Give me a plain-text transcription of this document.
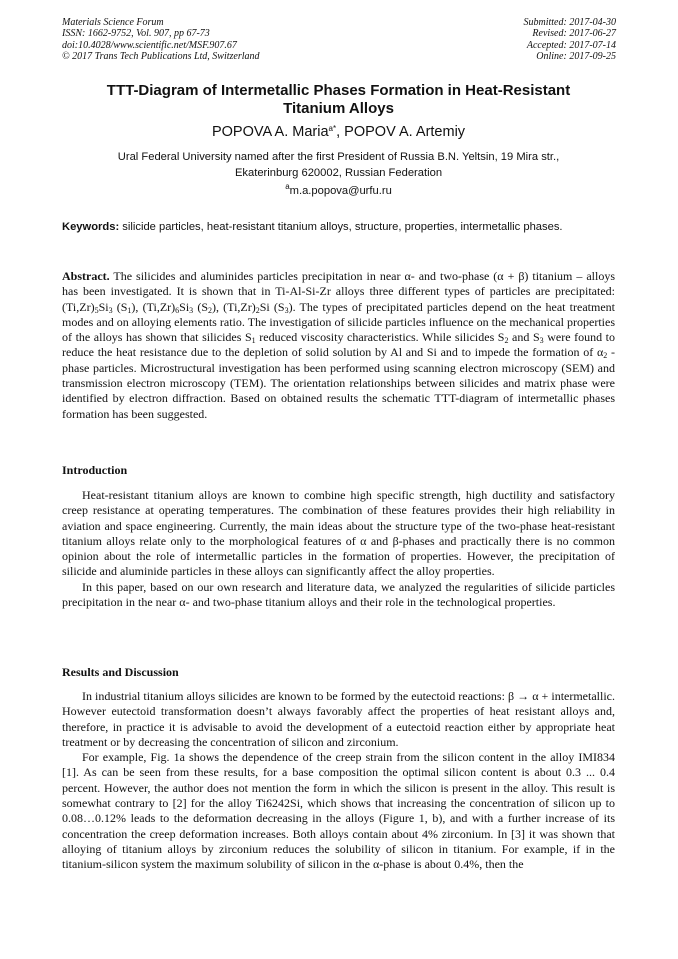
Materials Science Forum
ISSN: 1662-9752, Vol. 907, pp 67-73
doi:10.4028/www.scientific.net/MSF.907.67
© 2017 Trans Tech Publications Ltd, Switzerland
Submitted: 2017-04-30
Revised: 2017-06-27
Accepted: 2017-07-14
Online: 2017-09-25
TTT-Diagram of Intermetallic Phases Formation in Heat-Resistant
Titanium Alloys
POPOVA A. Maria$^{a*}$, POPOV A. Artemiy
Ural Federal University named after the first President of Russia B.N. Yeltsin, 19 Mira str.,
Ekaterinburg 620002, Russian Federation
$^a$m.a.popova@urfu.ru
Keywords: silicide particles, heat-resistant titanium alloys, structure, properties, intermetallic phases.

Abstract. The silicides and aluminides particles precipitation in near α- and two-phase (α + β) titanium – alloys has been investigated. It is shown that in Ti-Al-Si-Zr alloys three different types of particles are precipitated: $(Ti,Zr)_5Si_3$ $(S_1)$, $(Ti,Zr)_6Si_3$ $(S_2)$, $(Ti,Zr)_2Si$ $(S_3)$. The types of precipitated particles depend on the heat treatment modes and on alloying elements ratio. The investigation of silicide particles influence on the mechanical properties of the alloys has shown that silicides $S_1$ reduced viscosity characteristics. While silicides $S_2$ and $S_3$ were found to reduce the heat resistance due to the depletion of solid solution by Al and Si and to impede the formation of $\alpha_2$ - phase particles. Microstructural investigation has been performed using scanning electron microscopy (SEM) and transmission electron microscopy (TEM). The orientation relationships between silicides and matrix phase were identified by electron diffraction. Based on obtained results the schematic TTT-diagram of intermetallic phases formation has been suggested.

Introduction

Heat-resistant titanium alloys are known to combine high specific strength, high ductility and satisfactory creep resistance at operating temperatures. The combination of these features provides their high reliability in aviation and space engineering. Currently, the main ideas about the structure type of the two-phase heat-resistant titanium alloys relate only to the morphological features of α and β-phases and practically there is no common opinion about the role of intermetallic particles in the formation of properties. However, the precipitation of silicide and aluminide particles in these alloys can significantly affect the alloy properties.

In this paper, based on our own research and literature data, we analyzed the regularities of silicide particles precipitation in the near α- and two-phase titanium alloys and their role in the technological properties.

Results and Discussion

In industrial titanium alloys silicides are known to be formed by the eutectoid reactions: β → α + intermetallic. However eutectoid transformation doesn’t always favorably affect the properties of heat resistant alloys and, therefore, in practice it is advisable to avoid the development of a eutectoid reaction either by appropriate heat treatment or by decreasing the concentration of silicon and zirconium.

For example, Fig. 1a shows the dependence of the creep strain from the silicon content in the alloy IMI834 [1]. As can be seen from these results, for a base composition the optimal silicon content is about 0.3 ... 0.4 percent. However, the author does not mention the form in which the silicon is present in the alloy. This result is somewhat contrary to [2] for the alloy Ti6242Si, which shows that increasing the concentration of silicon up to 0.08…0.12% leads to the deformation decreasing in the alloys (Figure 1, b), and with a further increase of its concentration the creep deformation increases. Both alloys contain about 4% zirconium. In [3] it was shown that alloying of titanium alloys by zirconium reduces the solubility of silicon in titanium. For example, if in the titanium-silicon system the maximum solubility of silicon in the α-phase is about 0.4%, then the
